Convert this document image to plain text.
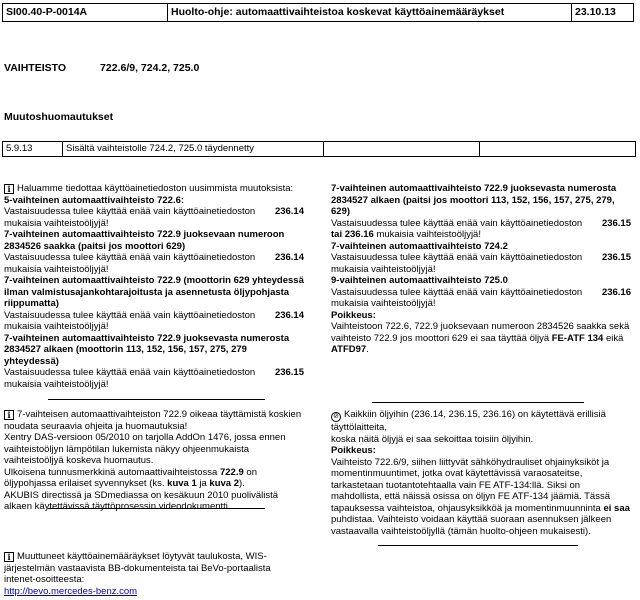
SI00.40-P-0014A	Huolto-ohje: automaattivaihteistoa koskevat käyttöainemääräykset	23.10.13
VAIHTEISTO	722.6/9, 724.2, 725.0
Muutoshuomautukset
5.9.13	Sisältä vaihteistolle 724.2, 725.0 täydennetty		
i Haluamme tiedottaa käyttöainetiedoston uusimmista muutoksista:
5-vaihteinen automaattivaihteisto 722.6:
Vastaisuudessa tulee käyttää enää vain käyttöainetiedoston 236.14
mukaisia vaihteistoöljyjä!
7-vaihteinen automaattivaihteisto 722.9 juoksevaan numeroon 2834526 saakka (paitsi jos moottori 629)
Vastaisuudessa tulee käyttää enää vain käyttöainetiedoston 236.14
mukaisia vaihteistoöljyjä!
7-vaihteinen automaattivaihteisto 722.9 (moottorin 629 yhteydessä ilman valmistusajankohtarajoitusta ja asennetusta öljypohjasta riippumatta)
Vastaisuudessa tulee käyttää enää vain käyttöainetiedoston 236.14
mukaisia vaihteistoöljyjä!
7-vaihteinen automaattivaihteisto 722.9 juoksevasta numerosta 2834527 alkaen (moottorin 113, 152, 156, 157, 275, 279 yhteydessä)
Vastaisuudessa tulee käyttää enää vain käyttöainetiedoston 236.15
mukaisia vaihteistoöljyjä!
7-vaihteinen automaattivaihteisto 722.9 juoksevasta numerosta 2834527 alkaen (paitsi jos moottori 113, 152, 156, 157, 275, 279, 629)
Vastaisuudessa tulee käyttää enää vain käyttöainetiedoston 236.15
tai 236.16 mukaisia vaihteistoöljyjä!
7-vaihteinen automaattivaihteisto 724.2
Vastaisuudessa tulee käyttää enää vain käyttöainetiedoston 236.15
mukaisia vaihteistoöljyjä!
9-vaihteinen automaattivaihteisto 725.0
Vastaisuudessa tulee käyttää enää vain käyttöainetiedoston 236.16
mukaisia vaihteistoöljyjä!
Poikkeus:
Vaihteistoon 722.6, 722.9 juoksevaan numeroon 2834526 saakka sekä vaihteisto 722.9 jos moottori 629 ei saa täyttää öljyä FE-ATF 134 eikä ATFD97.
i 7-vaihteisen automaattivaihteiston 722.9 oikeaa täyttämistä koskien noudata seuraavia ohjeita ja huomautuksia!
Xentry DAS-versioon 05/2010 on tarjolla AddOn 1476, jossa ennen vaihteistoöljyn lämpötilan lukemista näkyy ohjeenmukaista vaihteistoöljyä koskeva huomautus.
Ulkoisena tunnusmerkkinä automaattivaihteistossa 722.9 on öljypohjassa erilaiset syvennykset (ks. kuva 1 ja kuva 2).
AKUBIS directissä ja SDmediassa on kesäkuun 2010 puolivälistä alkaen käytettävissä täyttöprosessin videodokumentti.
⊘ Kaikkiin öljyihin (236.14, 236.15, 236.16) on käytettävä erillisiä täyttölaitteita,
koska näitä öljyjä ei saa sekoittaa toisiin öljyihin.
Poikkeus:
Vaihteisto 722.6/9, siihen liittyvät sähköhydrauliset ohjainyksiköt ja momentinmuuntimet, jotka ovat käytettävissä varaosateitse, tarkastetaan tuotantotehtaalla vain FE ATF-134:llä. Siksi on mahdollista, että näissä osissa on öljyn FE ATF-134 jäämiä. Tässä tapauksessa vaihteistoa, ohjausyksikköä ja momentinmuunninta ei saa puhdistaa. Vaihteisto voidaan käyttää suoraan asennuksen jälkeen vastaavalla vaihteistoöljyllä (tämän huolto-ohjeen mukaisesti).
i Muuttuneet käyttöainemääräykset löytyvät taulukosta, WIS-järjestelmän vastaavista BB-dokumenteista tai BeVo-portaalista intenet-osoitteesta:
http://bevo.mercedes-benz.com
